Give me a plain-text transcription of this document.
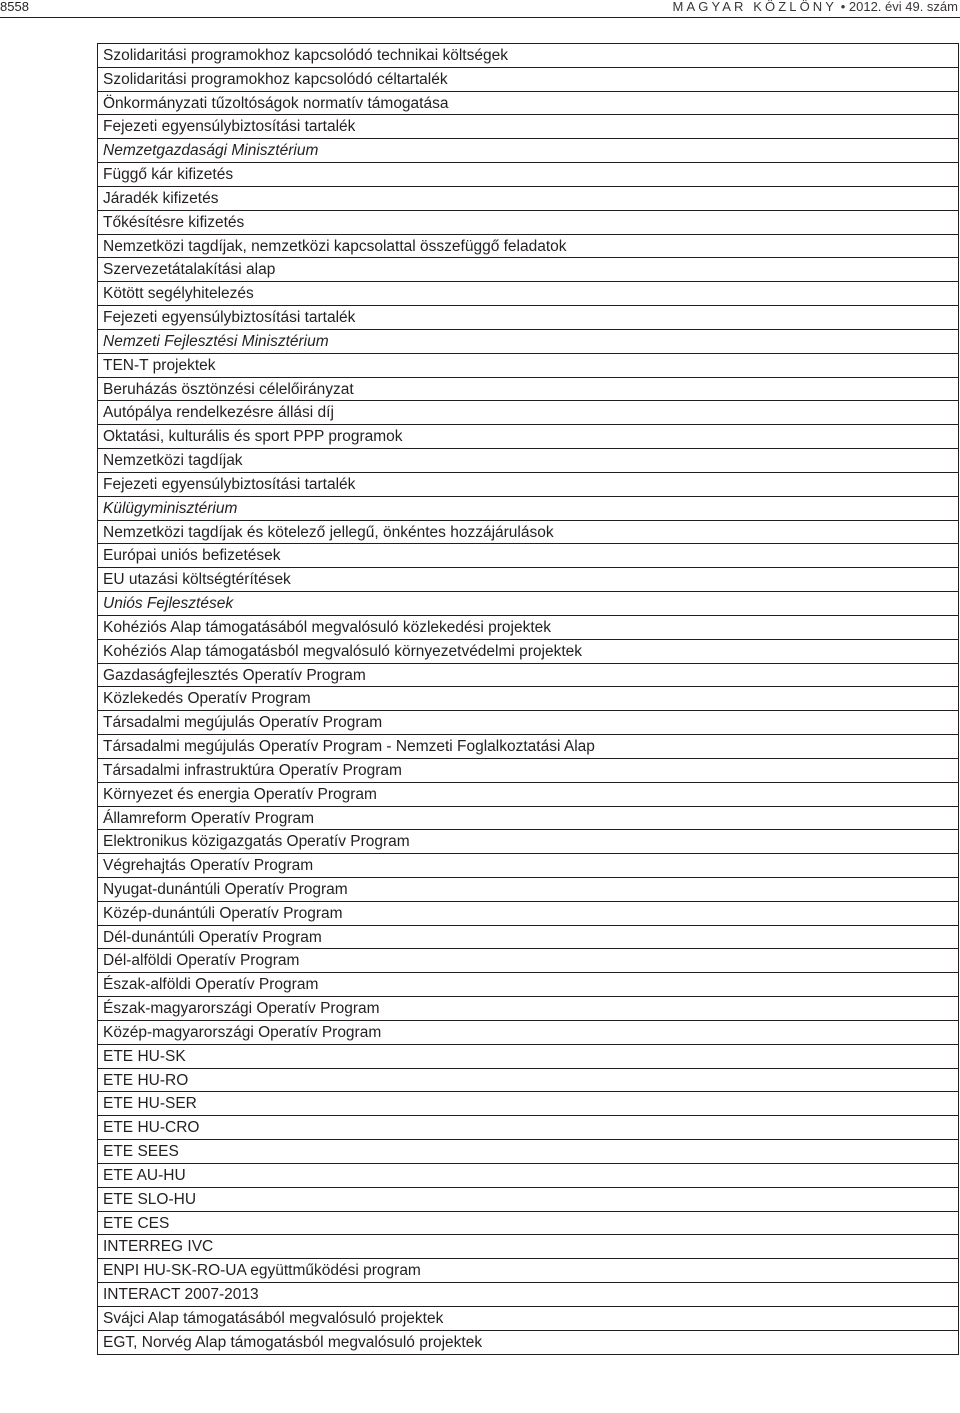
8558	MAGYAR KÖZLÖNY • 2012. évi 49. szám
Szolidaritási programokhoz kapcsolódó technikai költségek
Szolidaritási programokhoz kapcsolódó céltartalék
Önkormányzati tűzoltóságok normatív támogatása
Fejezeti egyensúlybiztosítási tartalék
Nemzetgazdasági Minisztérium
Függő kár kifizetés
Járadék kifizetés
Tőkésítésre kifizetés
Nemzetközi tagdíjak, nemzetközi kapcsolattal összefüggő feladatok
Szervezetátalakítási alap
Kötött segélyhitelezés
Fejezeti egyensúlybiztosítási tartalék
Nemzeti Fejlesztési Minisztérium
TEN-T projektek
Beruházás ösztönzési célelőirányzat
Autópálya rendelkezésre állási díj
Oktatási, kulturális és sport PPP programok
Nemzetközi tagdíjak
Fejezeti egyensúlybiztosítási tartalék
Külügyminisztérium
Nemzetközi tagdíjak és kötelező jellegű, önkéntes hozzájárulások
Európai uniós befizetések
EU utazási költségtérítések
Uniós Fejlesztések
Kohéziós Alap támogatásából megvalósuló közlekedési projektek
Kohéziós Alap támogatásból megvalósuló környezetvédelmi projektek
Gazdaságfejlesztés Operatív Program
Közlekedés Operatív Program
Társadalmi megújulás Operatív Program
Társadalmi megújulás Operatív Program - Nemzeti Foglalkoztatási Alap
Társadalmi infrastruktúra Operatív Program
Környezet és energia Operatív Program
Államreform Operatív Program
Elektronikus közigazgatás Operatív Program
Végrehajtás Operatív Program
Nyugat-dunántúli Operatív Program
Közép-dunántúli Operatív Program
Dél-dunántúli Operatív Program
Dél-alföldi Operatív Program
Észak-alföldi Operatív Program
Észak-magyarországi Operatív Program
Közép-magyarországi Operatív Program
ETE HU-SK
ETE HU-RO
ETE HU-SER
ETE HU-CRO
ETE SEES
ETE AU-HU
ETE SLO-HU
ETE CES
INTERREG IVC
ENPI HU-SK-RO-UA együttműködési program
INTERACT 2007-2013
Svájci Alap támogatásából megvalósuló projektek
EGT, Norvég Alap támogatásból megvalósuló projektek
